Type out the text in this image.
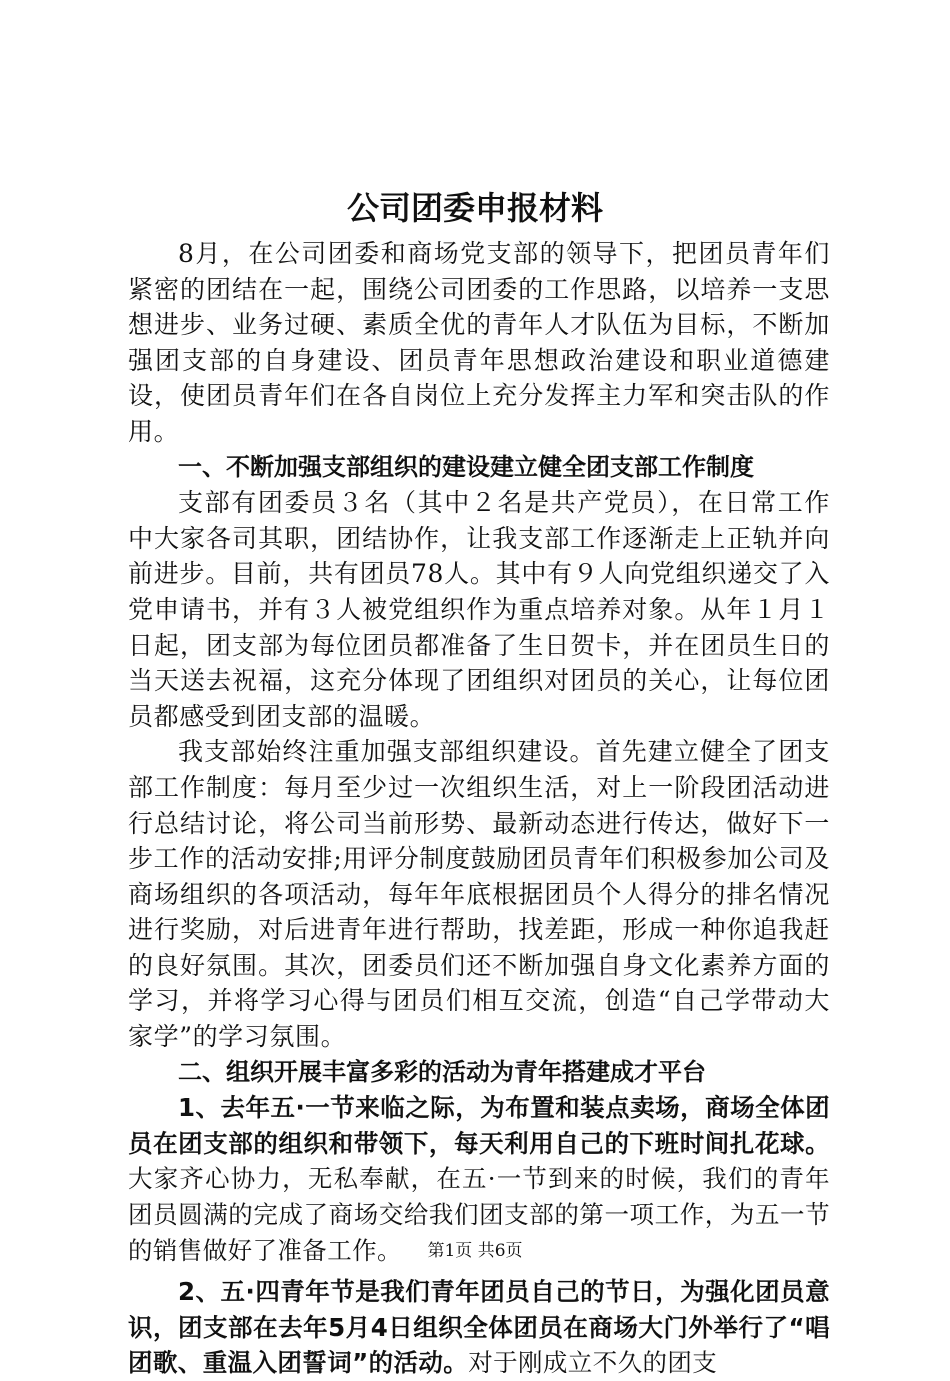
公司团委申报材料

8月，在公司团委和商场党支部的领导下，把团员青年们紧密的团结在一起，围绕公司团委的工作思路，以培养一支思想进步、业务过硬、素质全优的青年人才队伍为目标，不断加强团支部的自身建设、团员青年思想政治建设和职业道德建设，使团员青年们在各自岗位上充分发挥主力军和突击队的作用。

一、不断加强支部组织的建设建立健全团支部工作制度

支部有团委员３名（其中２名是共产党员），在日常工作中大家各司其职，团结协作，让我支部工作逐渐走上正轨并向前进步。目前，共有团员78人。其中有９人向党组织递交了入党申请书，并有３人被党组织作为重点培养对象。从年１月１日起，团支部为每位团员都准备了生日贺卡，并在团员生日的当天送去祝福，这充分体现了团组织对团员的关心，让每位团员都感受到团支部的温暖。

我支部始终注重加强支部组织建设。首先建立健全了团支部工作制度：每月至少过一次组织生活，对上一阶段团活动进行总结讨论，将公司当前形势、最新动态进行传达，做好下一步工作的活动安排;用评分制度鼓励团员青年们积极参加公司及商场组织的各项活动，每年年底根据团员个人得分的排名情况进行奖励，对后进青年进行帮助，找差距，形成一种你追我赶的良好氛围。其次，团委员们还不断加强自身文化素养方面的学习，并将学习心得与团员们相互交流，创造“自己学带动大家学”的学习氛围。

二、组织开展丰富多彩的活动为青年搭建成才平台

1、去年五·一节来临之际，为布置和装点卖场，商场全体团员在团支部的组织和带领下，每天利用自己的下班时间扎花球。大家齐心协力，无私奉献，在五·一节到来的时候，我们的青年团员圆满的完成了商场交给我们团支部的第一项工作，为五一节的销售做好了准备工作。

2、五·四青年节是我们青年团员自己的节日，为强化团员意识，团支部在去年5月4日组织全体团员在商场大门外举行了“唱团歌、重温入团誓词”的活动。对于刚成立不久的团支

第1页 共6页
